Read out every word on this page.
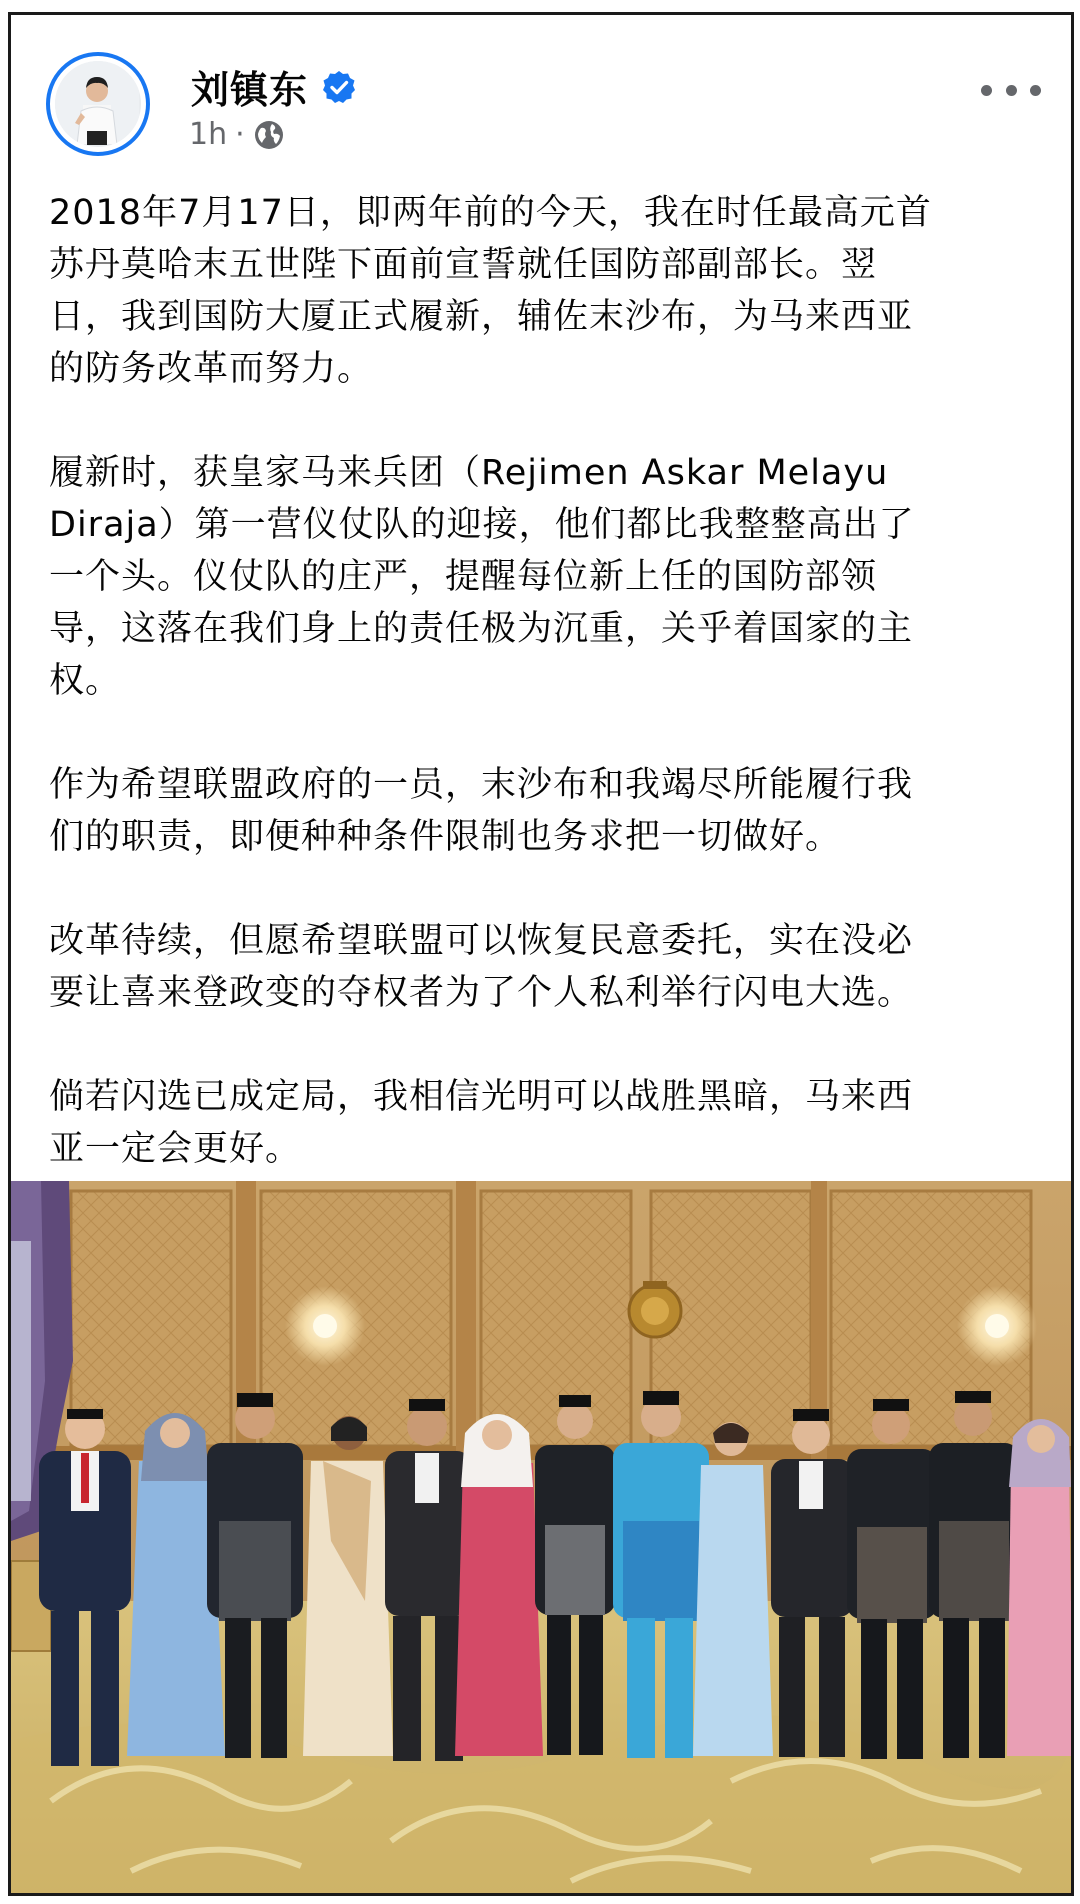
刘镇东
1h ·

2018年7月17日，即两年前的今天，我在时任最高元首
苏丹莫哈末五世陛下面前宣誓就任国防部副部长。翌
日，我到国防大厦正式履新，辅佐末沙布，为马来西亚
的防务改革而努力。

履新时，获皇家马来兵团（Rejimen Askar Melayu
Diraja）第一营仪仗队的迎接，他们都比我整整高出了
一个头。仪仗队的庄严，提醒每位新上任的国防部领
导，这落在我们身上的责任极为沉重，关乎着国家的主
权。

作为希望联盟政府的一员，末沙布和我竭尽所能履行我
们的职责，即便种种条件限制也务求把一切做好。

改革待续，但愿希望联盟可以恢复民意委托，实在没必
要让喜来登政变的夺权者为了个人私利举行闪电大选。

倘若闪选已成定局，我相信光明可以战胜黑暗，马来西
亚一定会更好。
